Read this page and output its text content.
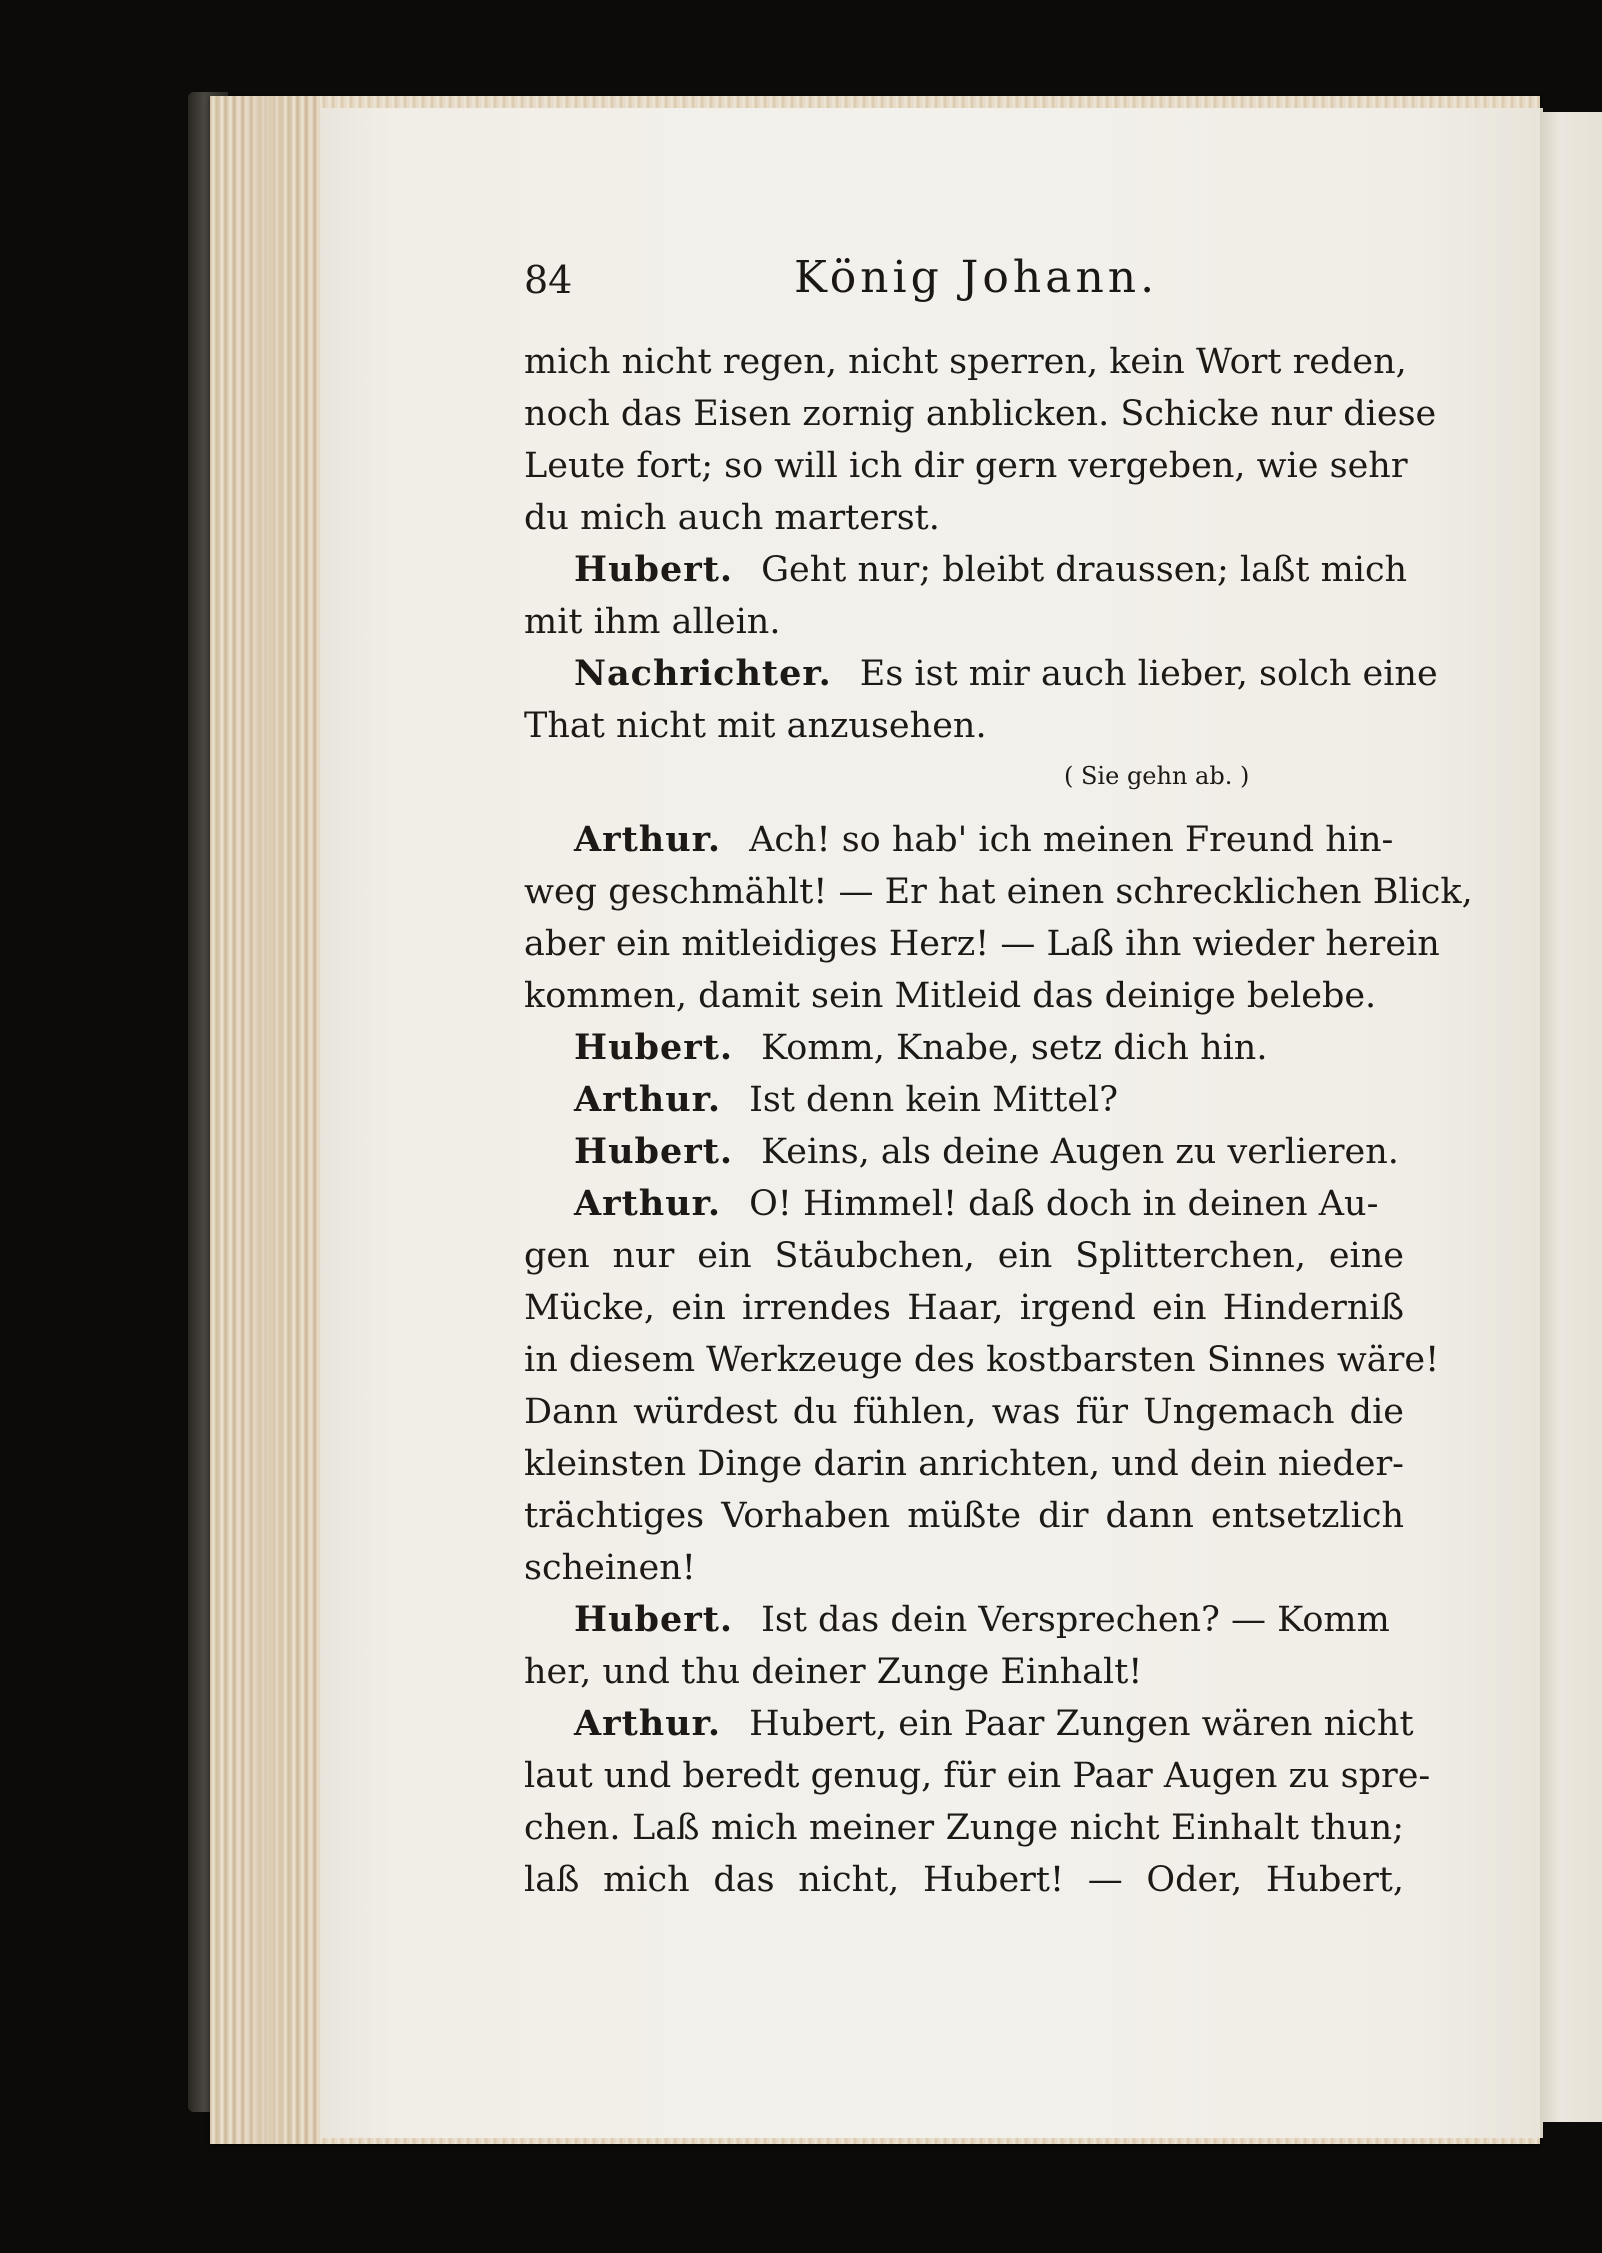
84	König Johann.
mich nicht regen, nicht sperren, kein Wort reden,
noch das Eisen zornig anblicken. Schicke nur diese
Leute fort; so will ich dir gern vergeben, wie sehr
du mich auch marterst.
Hubert. Geht nur; bleibt draussen; laßt mich
mit ihm allein.
Nachrichter. Es ist mir auch lieber, solch eine
That nicht mit anzusehen.
( Sie gehn ab. )
Arthur. Ach! so hab' ich meinen Freund hin-
weg geschmählt! — Er hat einen schrecklichen Blick,
aber ein mitleidiges Herz! — Laß ihn wieder herein
kommen, damit sein Mitleid das deinige belebe.
Hubert. Komm, Knabe, setz dich hin.
Arthur. Ist denn kein Mittel?
Hubert. Keins, als deine Augen zu verlieren.
Arthur. O! Himmel! daß doch in deinen Au-
gen nur ein Stäubchen, ein Splitterchen, eine
Mücke, ein irrendes Haar, irgend ein Hinderniß
in diesem Werkzeuge des kostbarsten Sinnes wäre!
Dann würdest du fühlen, was für Ungemach die
kleinsten Dinge darin anrichten, und dein nieder-
trächtiges Vorhaben müßte dir dann entsetzlich
scheinen!
Hubert. Ist das dein Versprechen? — Komm
her, und thu deiner Zunge Einhalt!
Arthur. Hubert, ein Paar Zungen wären nicht
laut und beredt genug, für ein Paar Augen zu spre-
chen. Laß mich meiner Zunge nicht Einhalt thun;
laß mich das nicht, Hubert! — Oder, Hubert,
